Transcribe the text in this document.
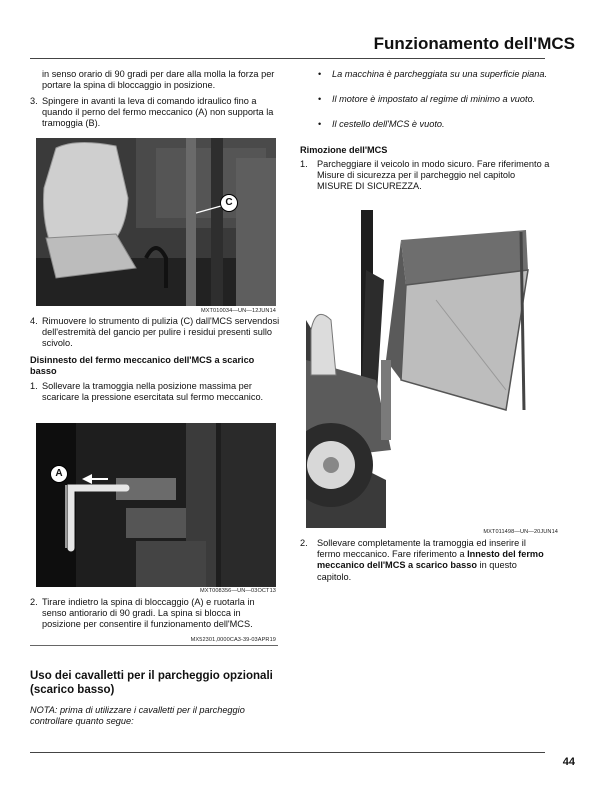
Funzionamento dell'MCS
in senso orario di 90 gradi per dare alla molla la forza per portare la spina di bloccaggio in posizione.
3. Spingere in avanti la leva di comando idraulico fino a quando il perno del fermo meccanico (A) non supporta la tramoggia (B).
C
MXT010034—UN—12JUN14
4. Rimuovere lo strumento di pulizia (C) dall'MCS servendosi dell'estremità del gancio per pulire i residui presenti sullo scivolo.
Disinnesto del fermo meccanico dell'MCS a scarico basso
1. Sollevare la tramoggia nella posizione massima per scaricare la pressione esercitata sul fermo meccanico.
A
MXT008356—UN—03OCT13
2. Tirare indietro la spina di bloccaggio (A) e ruotarla in senso antiorario di 90 gradi. La spina si blocca in posizione per consentire il funzionamento dell'MCS.
MX52301,0000CA3-39-03APR19
Uso dei cavalletti per il parcheggio opzionali (scarico basso)
NOTA: prima di utilizzare i cavalletti per il parcheggio controllare quanto segue:
•	La macchina è parcheggiata su una superficie piana.
•	Il motore è impostato al regime di minimo a vuoto.
•	Il cestello dell'MCS è vuoto.
Rimozione dell'MCS
1.	Parcheggiare il veicolo in modo sicuro. Fare riferimento a Misure di sicurezza per il parcheggio nel capitolo MISURE DI SICUREZZA.
MXT011498—UN—20JUN14
2.	Sollevare completamente la tramoggia ed inserire il fermo meccanico. Fare riferimento a Innesto del fermo meccanico dell'MCS a scarico basso in questo capitolo.
44
